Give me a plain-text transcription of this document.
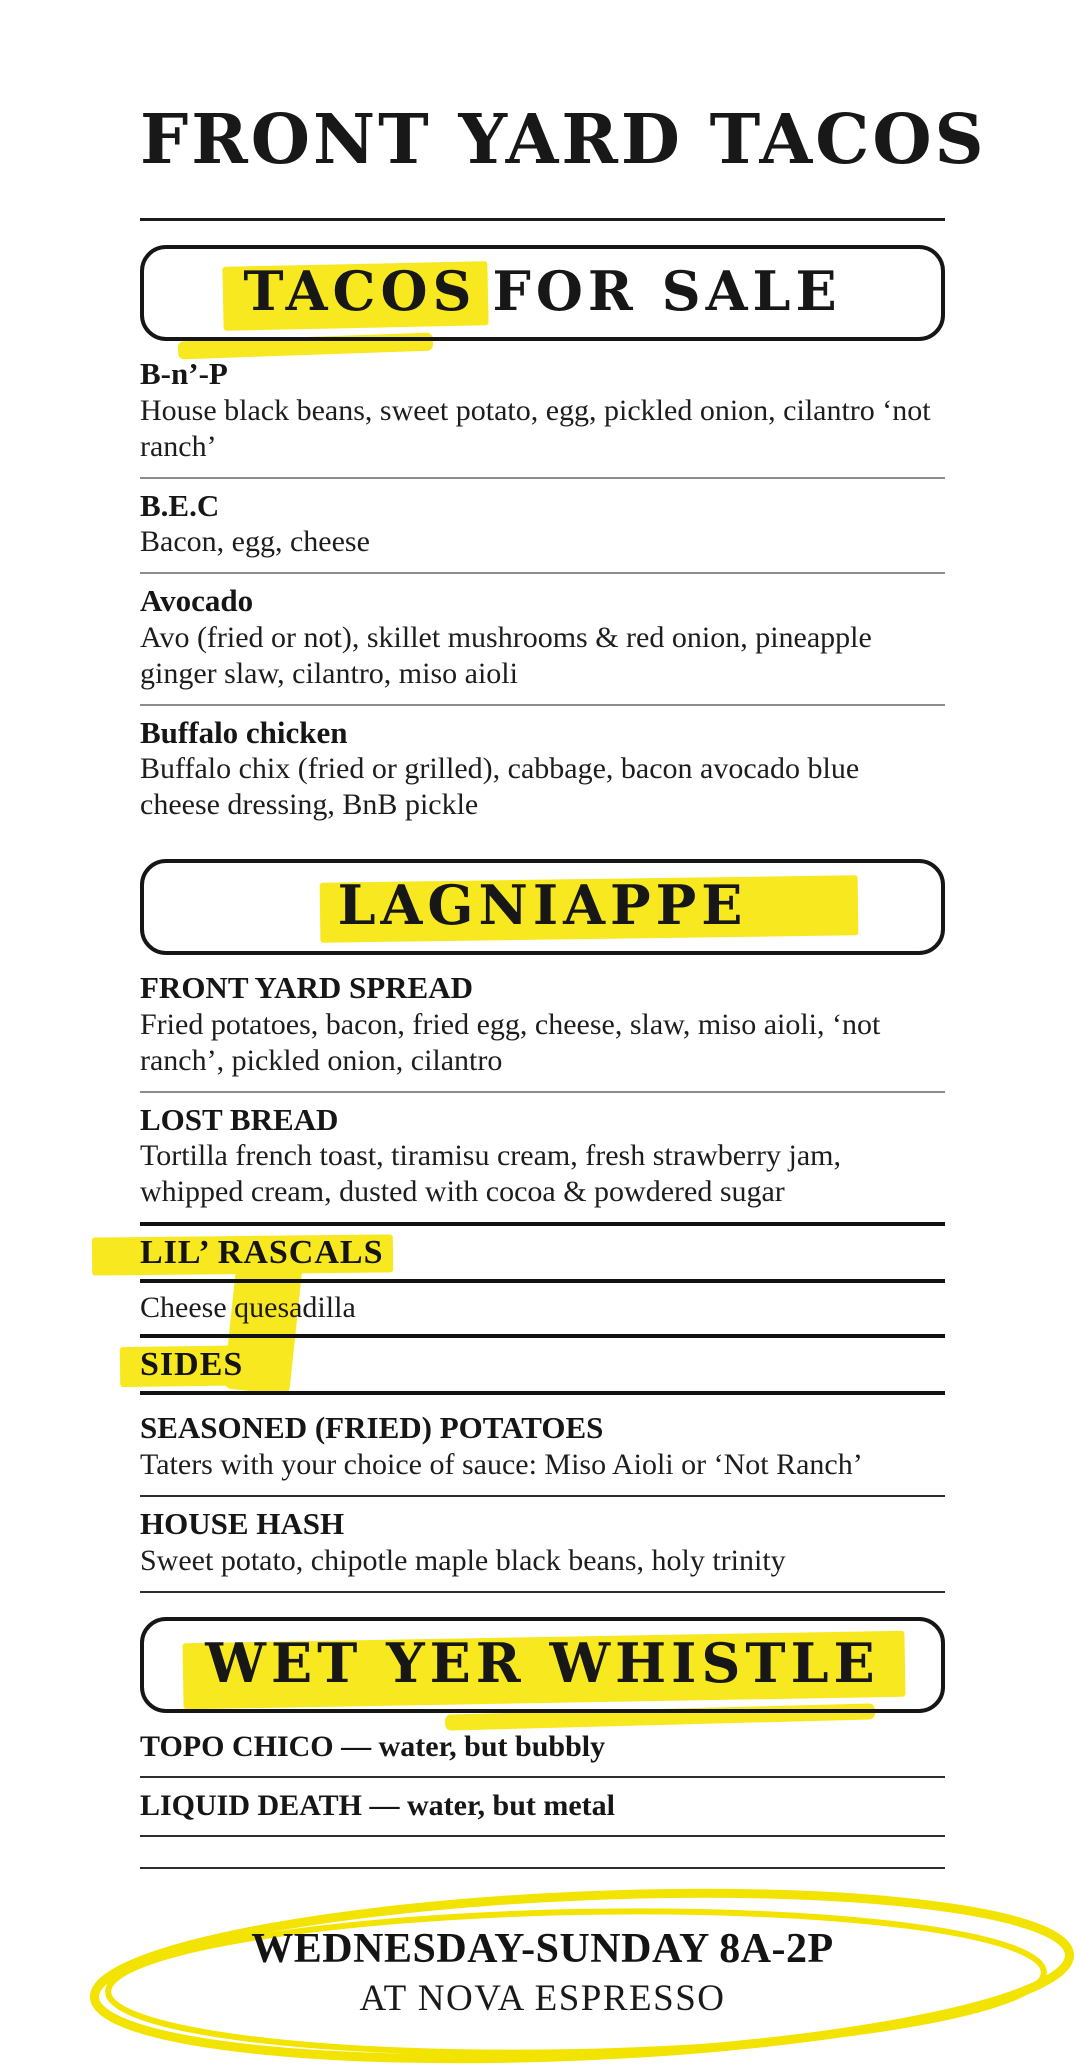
FRONT YARD TACOS
TACOS FOR SALE
B-n’-P
House black beans, sweet potato, egg, pickled onion, cilantro ‘not ranch’
B.E.C
Bacon, egg, cheese
Avocado
Avo (fried or not), skillet mushrooms & red onion, pineapple ginger slaw, cilantro, miso aioli
Buffalo chicken
Buffalo chix (fried or grilled), cabbage, bacon avocado blue cheese dressing, BnB pickle
LAGNIAPPE
FRONT YARD SPREAD
Fried potatoes, bacon, fried egg, cheese, slaw, miso aioli, ‘not ranch’, pickled onion, cilantro
LOST BREAD
Tortilla french toast, tiramisu cream, fresh strawberry jam, whipped cream, dusted with cocoa & powdered sugar
LIL’ RASCALS
Cheese quesadilla
SIDES
SEASONED (FRIED) POTATOES
Taters with your choice of sauce: Miso Aioli or ‘Not Ranch’
HOUSE HASH
Sweet potato, chipotle maple black beans, holy trinity
WET YER WHISTLE
TOPO CHICO — water, but bubbly
LIQUID DEATH — water, but metal
WEDNESDAY-SUNDAY 8A-2P
AT NOVA ESPRESSO
